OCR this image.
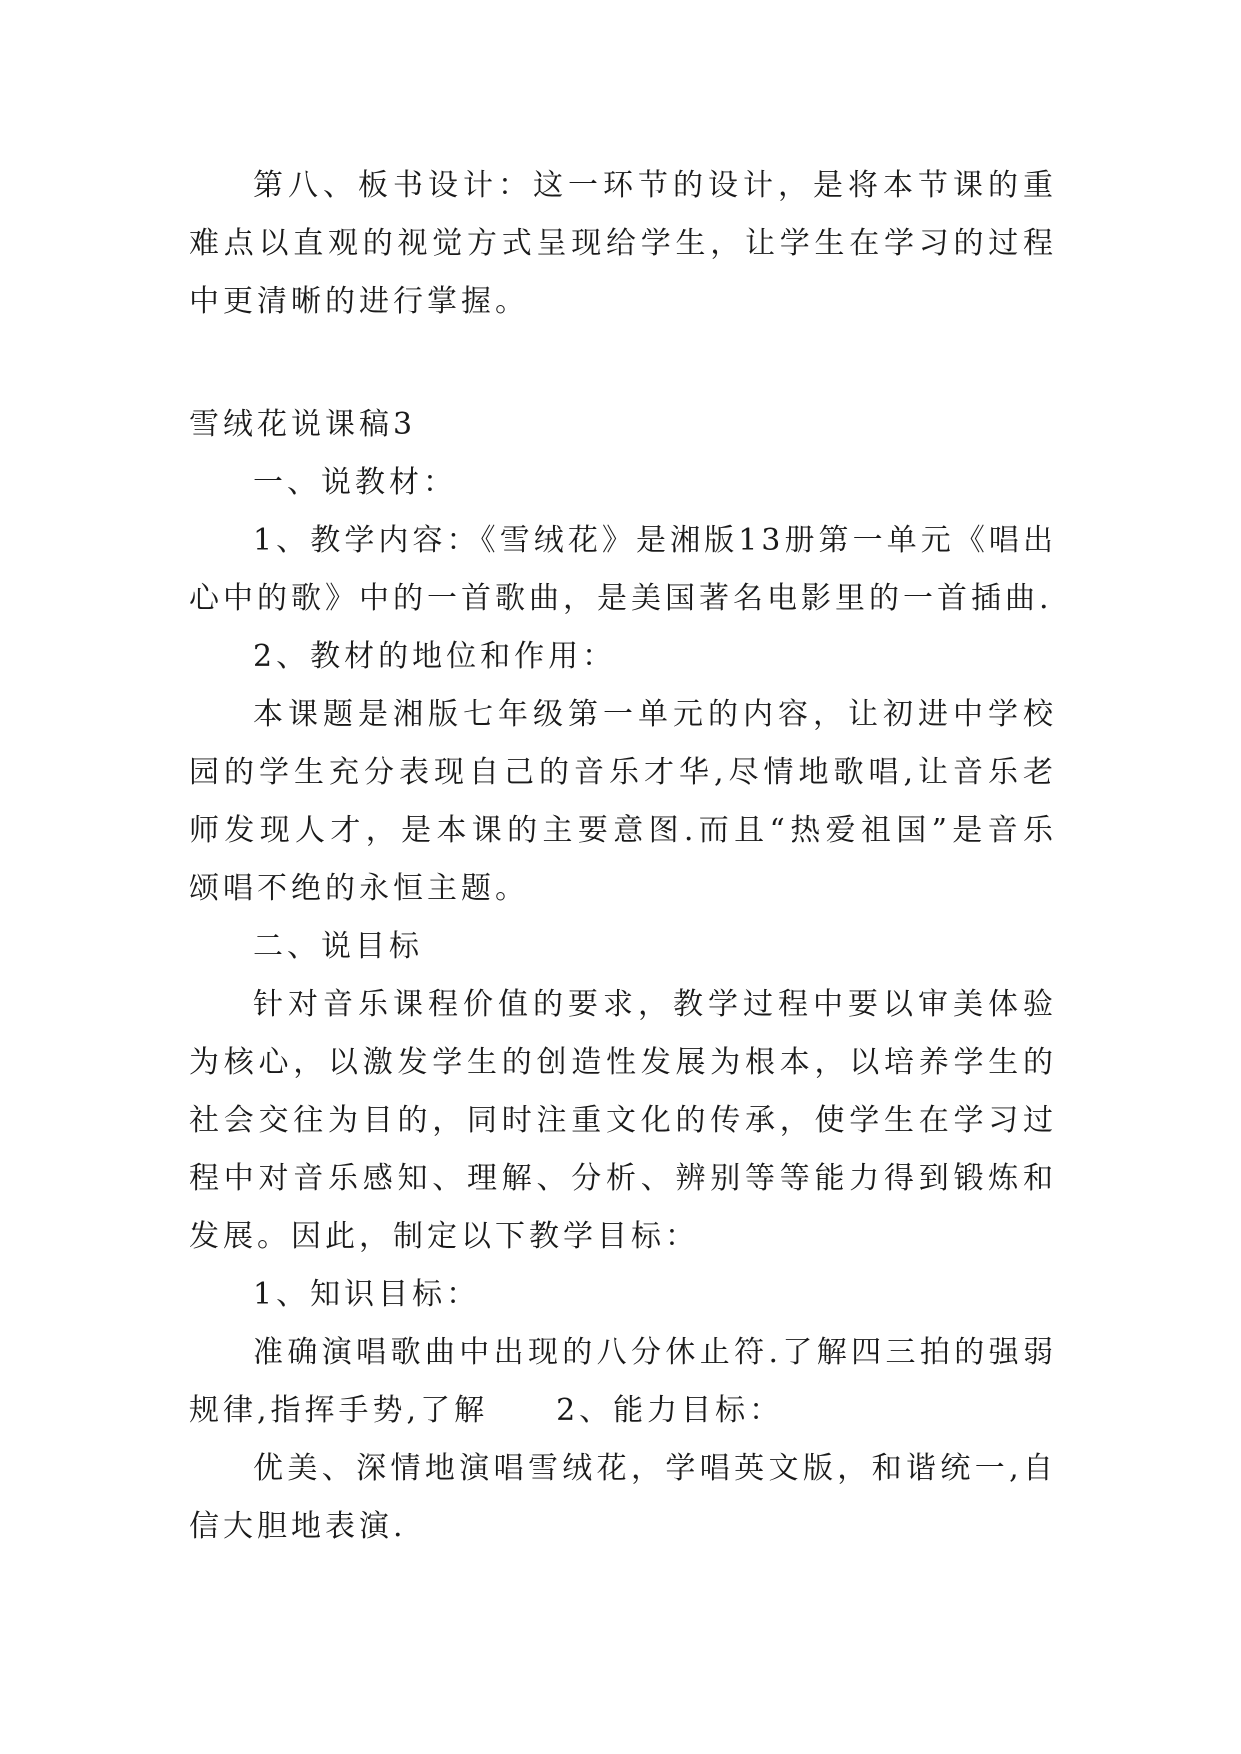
第八、板书设计：这一环节的设计，是将本节课的重难点以直观的视觉方式呈现给学生，让学生在学习的过程中更清晰的进行掌握。

雪绒花说课稿3

一、说教材：

1、教学内容：《雪绒花》是湘版13册第一单元《唱出心中的歌》中的一首歌曲，是美国著名电影里的一首插曲.

2、教材的地位和作用：

本课题是湘版七年级第一单元的内容，让初进中学校园的学生充分表现自己的音乐才华,尽情地歌唱,让音乐老师发现人才，是本课的主要意图.而且“热爱祖国”是音乐颂唱不绝的永恒主题。

二、说目标

针对音乐课程价值的要求，教学过程中要以审美体验为核心，以激发学生的创造性发展为根本，以培养学生的社会交往为目的，同时注重文化的传承，使学生在学习过程中对音乐感知、理解、分析、辨别等等能力得到锻炼和发展。因此，制定以下教学目标：

1、知识目标：

准确演唱歌曲中出现的八分休止符.了解四三拍的强弱规律,指挥手势,了解　　2、能力目标：

优美、深情地演唱雪绒花，学唱英文版，和谐统一,自信大胆地表演.
